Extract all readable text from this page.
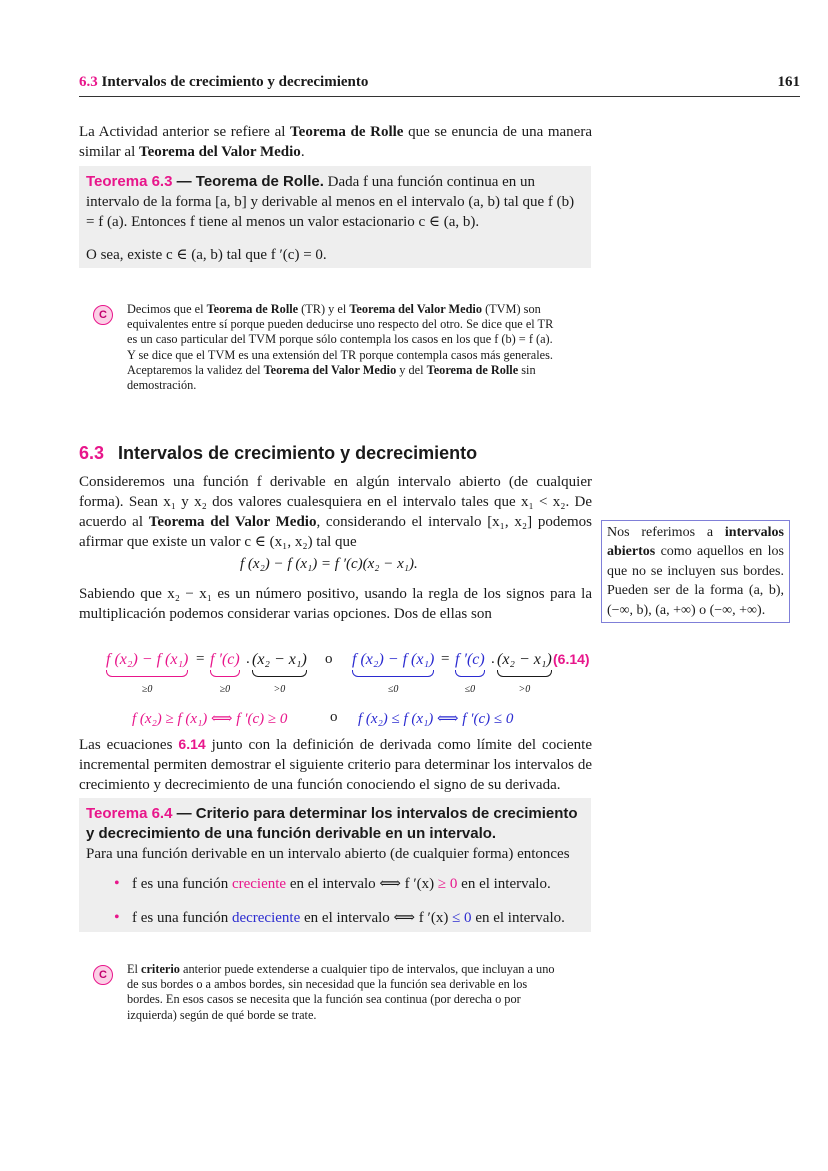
6.3 Intervalos de crecimiento y decrecimiento	161
La Actividad anterior se refiere al Teorema de Rolle que se enuncia de una manera similar al Teorema del Valor Medio.
Teorema 6.3 — Teorema de Rolle. Dada f una función continua en un intervalo de la forma [a, b] y derivable al menos en el intervalo (a, b) tal que f (b) = f (a). Entonces f tiene al menos un valor estacionario c ∈ (a, b).
O sea, existe c ∈ (a, b) tal que f ′(c) = 0.
C	Decimos que el Teorema de Rolle (TR) y el Teorema del Valor Medio (TVM) son equivalentes entre sí porque pueden deducirse uno respecto del otro. Se dice que el TR es un caso particular del TVM porque sólo contempla los casos en los que f (b) = f (a). Y se dice que el TVM es una extensión del TR porque contempla casos más generales.
Aceptaremos la validez del Teorema del Valor Medio y del Teorema de Rolle sin demostración.
6.3 Intervalos de crecimiento y decrecimiento
Consideremos una función f derivable en algún intervalo abierto (de cualquier forma). Sean x₁ y x₂ dos valores cualesquiera en el intervalo tales que x₁ < x₂. De acuerdo al Teorema del Valor Medio, considerando el intervalo [x₁, x₂] podemos afirmar que existe un valor c ∈ (x₁, x₂) tal que
f (x₂) − f (x₁) = f ′(c)(x₂ − x₁).
Sabiendo que x₂ − x₁ es un número positivo, usando la regla de los signos para la multiplicación podemos considerar varias opciones. Dos de ellas son
Nos referimos a intervalos abiertos como aquellos en los que no se incluyen sus bordes. Pueden ser de la forma (a, b), (−∞, b), (a, +∞) o (−∞, +∞).
f (x₂) − f (x₁)
≥0
= f ′(c)
≥0
. (x₂ − x₁)
>0
o f (x₂) − f (x₁)
≤0
= f ′(c)
≤0
. (x₂ − x₁)
>0
(6.14)
f (x₂) ≥ f (x₁) ⟺ f ′(c) ≥ 0	o f (x₂) ≤ f (x₁) ⟺ f ′(c) ≤ 0
Las ecuaciones 6.14 junto con la definición de derivada como límite del cociente incremental permiten demostrar el siguiente criterio para determinar los intervalos de crecimiento y decrecimiento de una función conociendo el signo de su derivada.
Teorema 6.4 — Criterio para determinar los intervalos de crecimiento y decrecimiento de una función derivable en un intervalo.
Para una función derivable en un intervalo abierto (de cualquier forma) entonces
• f es una función creciente en el intervalo ⟺ f ′(x) ≥ 0 en el intervalo.
• f es una función decreciente en el intervalo ⟺ f ′(x) ≤ 0 en el intervalo.
C	El criterio anterior puede extenderse a cualquier tipo de intervalos, que incluyan a uno de sus bordes o a ambos bordes, sin necesidad que la función sea derivable en los bordes. En esos casos se necesita que la función sea continua (por derecha o por izquierda) según de qué borde se trate.
